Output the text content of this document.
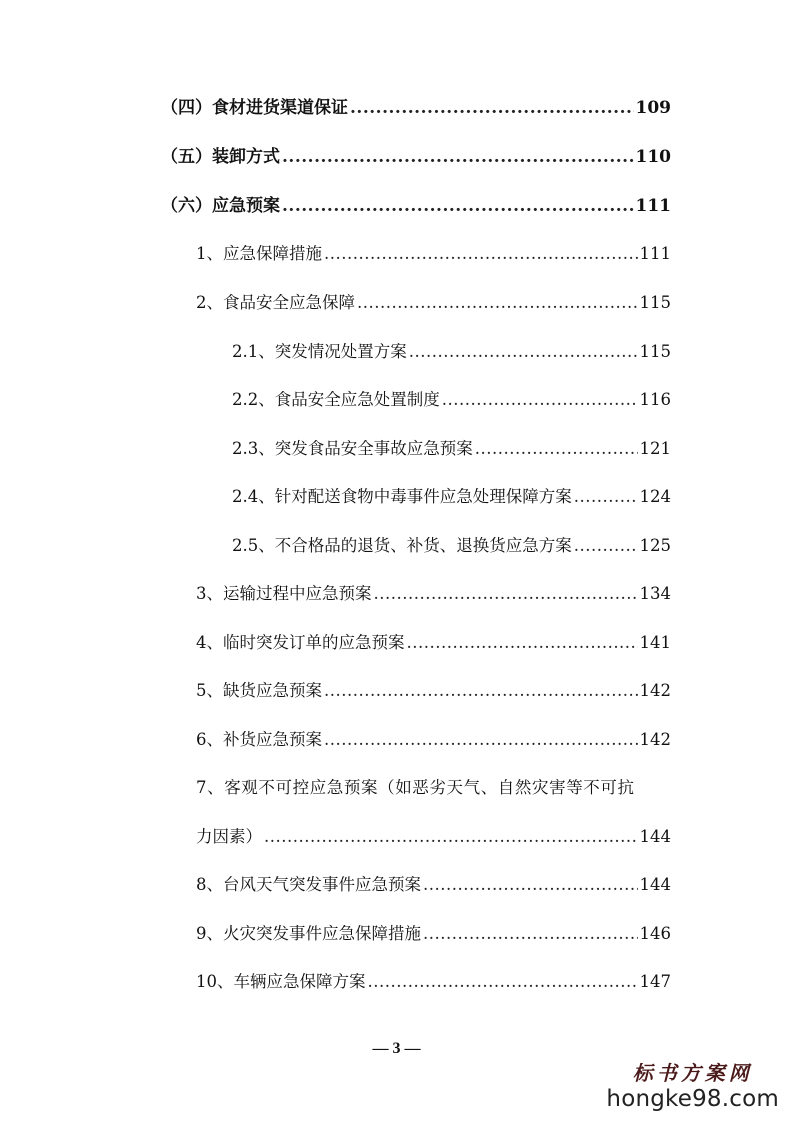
（四）食材进货渠道保证 .....	109
（五）装卸方式 .....	110
（六）应急预案 .....	111
1、应急保障措施 .....	111
2、食品安全应急保障 .....	115
2.1、突发情况处置方案 .....	115
2.2、食品安全应急处置制度 .....	116
2.3、突发食品安全事故应急预案 .....	121
2.4、针对配送食物中毒事件应急处理保障方案 .....	124
2.5、不合格品的退货、补货、退换货应急方案 .....	125
3、运输过程中应急预案 .....	134
4、临时突发订单的应急预案 .....	141
5、缺货应急预案 .....	142
6、补货应急预案 .....	142
7、客观不可控应急预案（如恶劣天气、自然灾害等不可抗
力因素） .....	144
8、台风天气突发事件应急预案 .....	144
9、火灾突发事件应急保障措施 .....	146
10、车辆应急保障方案 .....	147
— 3 —
标书方案网
hongke98.com
